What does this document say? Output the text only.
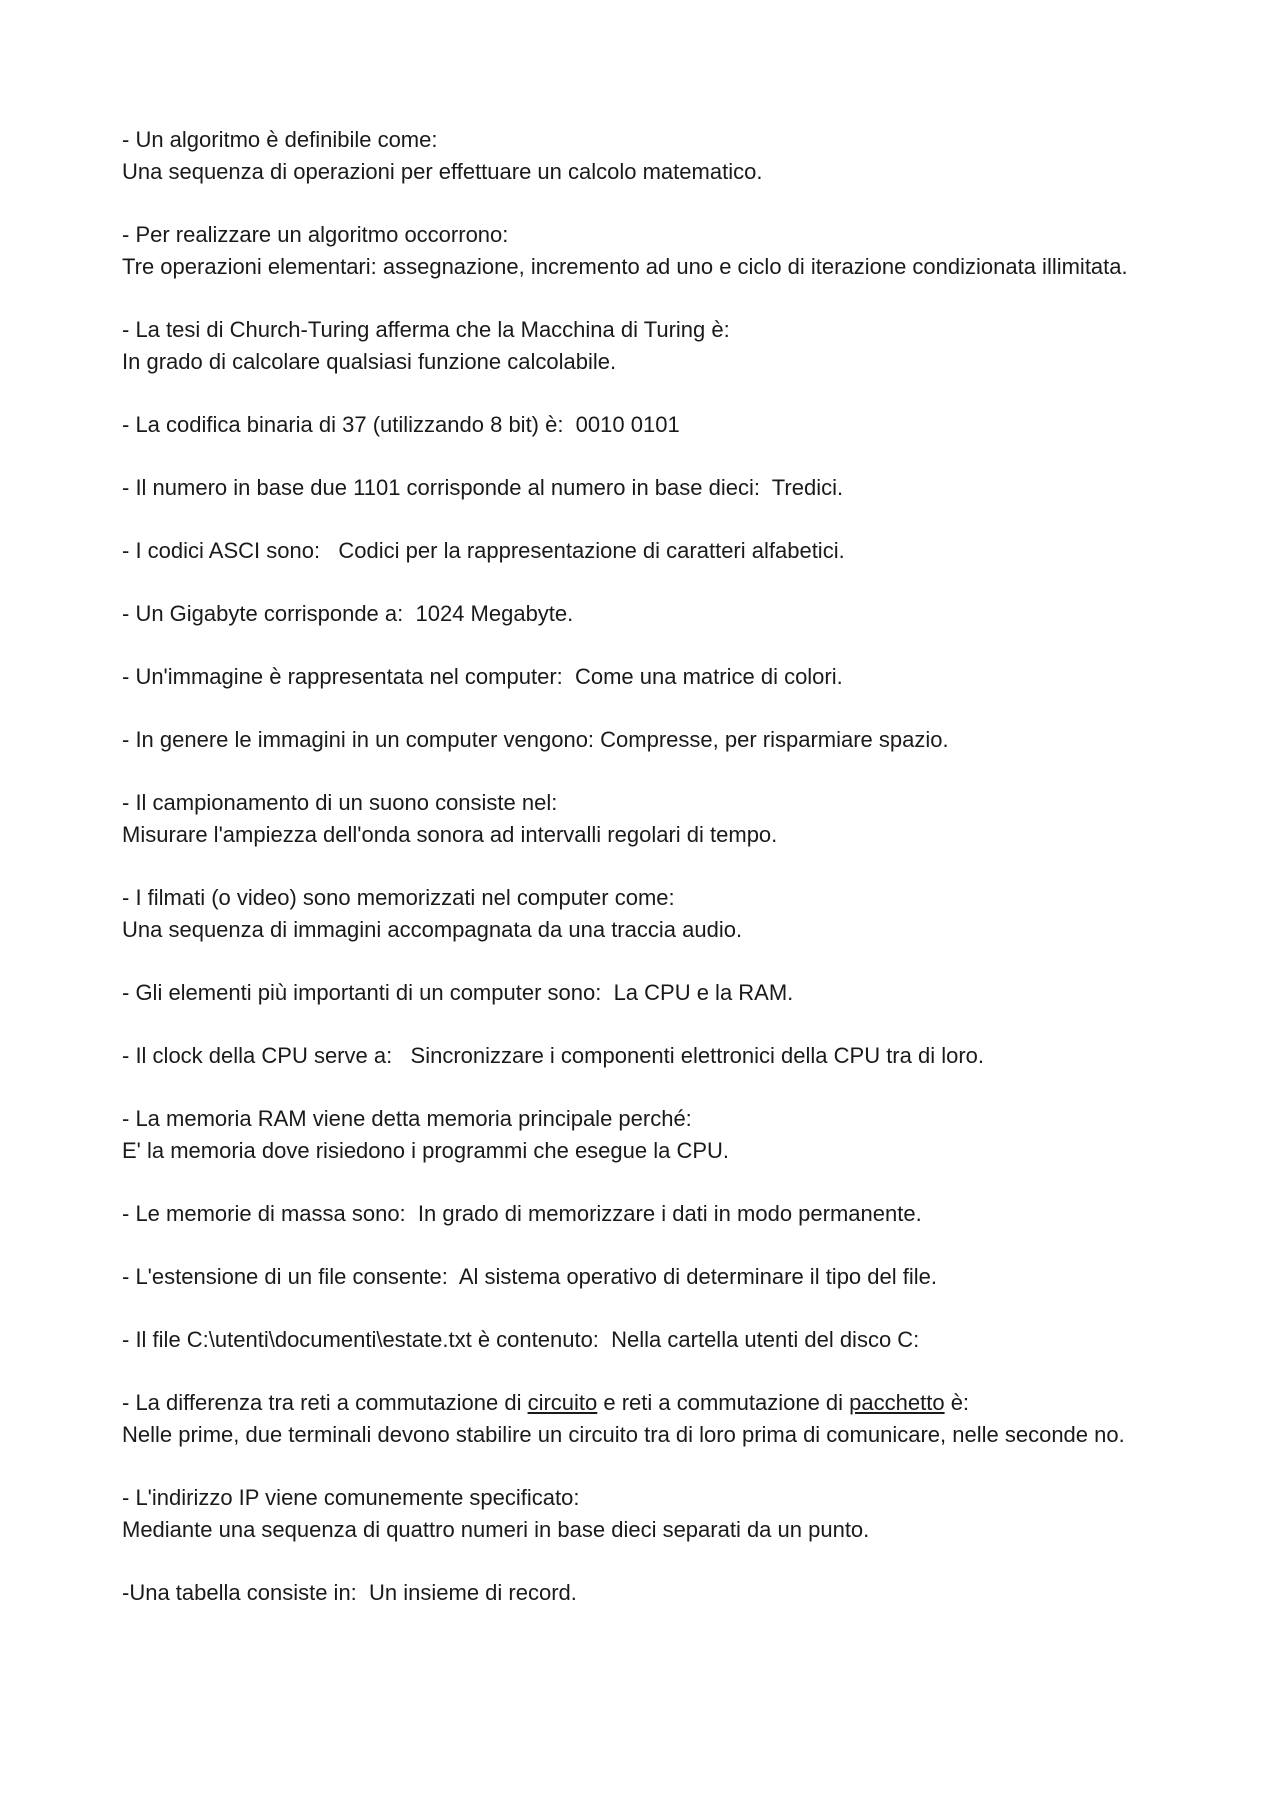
- Un algoritmo è definibile come:
Una sequenza di operazioni per effettuare un calcolo matematico.
- Per realizzare un algoritmo occorrono:
Tre operazioni elementari: assegnazione, incremento ad uno e ciclo di iterazione condizionata illimitata.
- La tesi di Church-Turing afferma che la Macchina di Turing è:
In grado di calcolare qualsiasi funzione calcolabile.
- La codifica binaria di 37 (utilizzando 8 bit) è:  0010 0101
- Il numero in base due 1101 corrisponde al numero in base dieci:  Tredici.
- I codici ASCI sono:   Codici per la rappresentazione di caratteri alfabetici.
- Un Gigabyte corrisponde a:  1024 Megabyte.
- Un'immagine è rappresentata nel computer:  Come una matrice di colori.
- In genere le immagini in un computer vengono: Compresse, per risparmiare spazio.
- Il campionamento di un suono consiste nel:
Misurare l'ampiezza dell'onda sonora ad intervalli regolari di tempo.
- I filmati (o video) sono memorizzati nel computer come:
Una sequenza di immagini accompagnata da una traccia audio.
- Gli elementi più importanti di un computer sono:  La CPU e la RAM.
- Il clock della CPU serve a:   Sincronizzare i componenti elettronici della CPU tra di loro.
- La memoria RAM viene detta memoria principale perché:
E' la memoria dove risiedono i programmi che esegue la CPU.
- Le memorie di massa sono:  In grado di memorizzare i dati in modo permanente.
- L'estensione di un file consente:  Al sistema operativo di determinare il tipo del file.
- Il file C:\utenti\documenti\estate.txt è contenuto:  Nella cartella utenti del disco C:
- La differenza tra reti a commutazione di circuito e reti a commutazione di pacchetto è:
Nelle prime, due terminali devono stabilire un circuito tra di loro prima di comunicare, nelle seconde no.
- L'indirizzo IP viene comunemente specificato:
Mediante una sequenza di quattro numeri in base dieci separati da un punto.
-Una tabella consiste in:  Un insieme di record.
